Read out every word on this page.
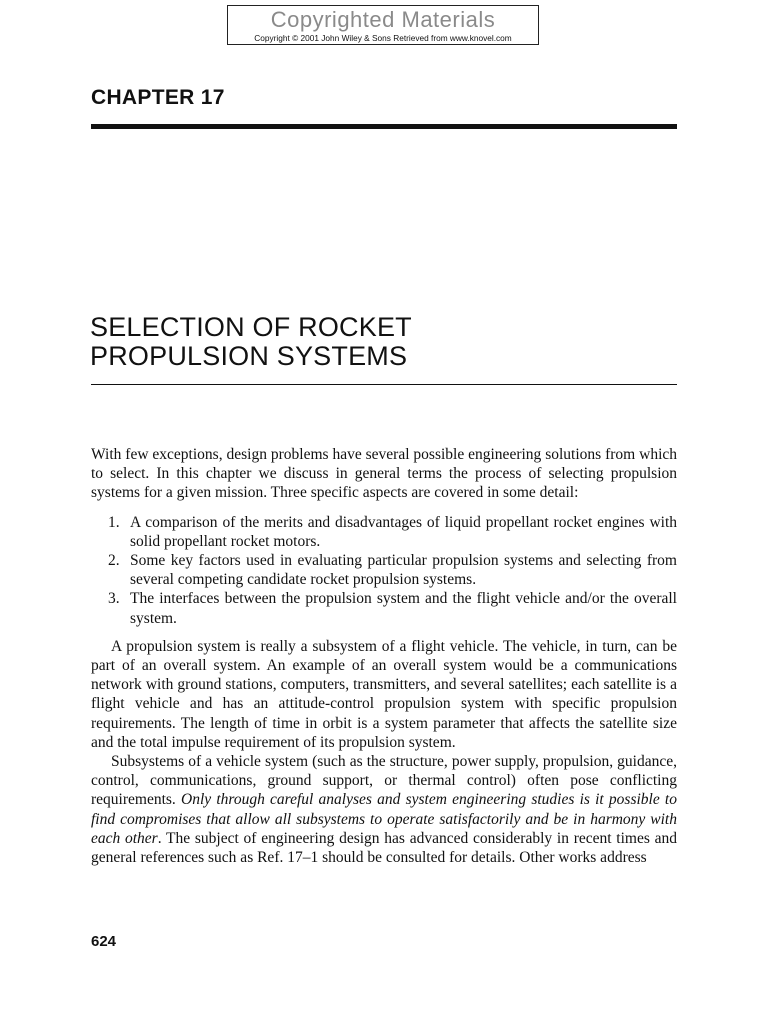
Copyrighted Materials
Copyright © 2001 John Wiley & Sons Retrieved from www.knovel.com
CHAPTER 17
SELECTION OF ROCKET
PROPULSION SYSTEMS

With few exceptions, design problems have several possible engineering solutions from which to select. In this chapter we discuss in general terms the process of selecting propulsion systems for a given mission. Three specific aspects are covered in some detail:

1. A comparison of the merits and disadvantages of liquid propellant rocket engines with solid propellant rocket motors.
2. Some key factors used in evaluating particular propulsion systems and selecting from several competing candidate rocket propulsion systems.
3. The interfaces between the propulsion system and the flight vehicle and/or the overall system.

A propulsion system is really a subsystem of a flight vehicle. The vehicle, in turn, can be part of an overall system. An example of an overall system would be a communications network with ground stations, computers, transmitters, and several satellites; each satellite is a flight vehicle and has an attitude-control propulsion system with specific propulsion requirements. The length of time in orbit is a system parameter that affects the satellite size and the total impulse requirement of its propulsion system.

Subsystems of a vehicle system (such as the structure, power supply, propulsion, guidance, control, communications, ground support, or thermal control) often pose conflicting requirements. Only through careful analyses and system engineering studies is it possible to find compromises that allow all subsystems to operate satisfactorily and be in harmony with each other. The subject of engineering design has advanced considerably in recent times and general references such as Ref. 17–1 should be consulted for details. Other works address

624
